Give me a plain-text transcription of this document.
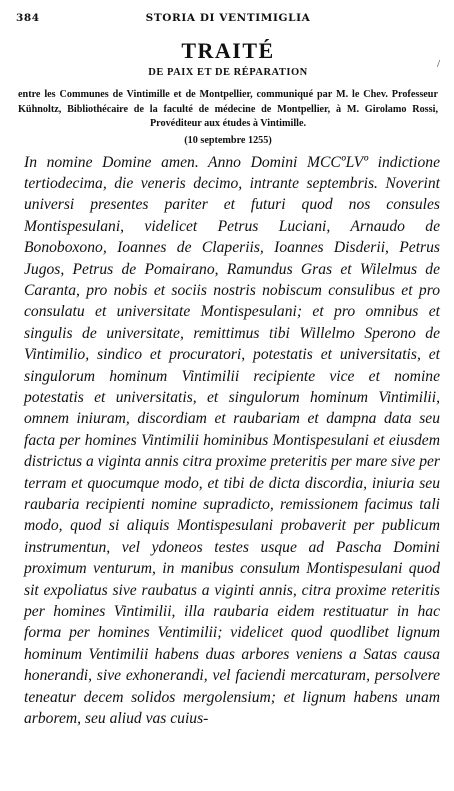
384	STORIA DI VENTIMIGLIA
TRAITÉ
DE PAIX ET DE RÉPARATION

entre les Communes de Vintimille et de Montpellier, communiqué par M. le Chev. Professeur Kühnoltz, Bibliothécaire de la faculté de médecine de Montpellier, à M. Girolamo Rossi, Provéditeur aux études à Vintimille.

(10 septembre 1255)

In nomine Domine amen. Anno Domini MCCºLVº indictione tertiodecima, die veneris decimo, intrante septembris. Noverint universi presentes pariter et futuri quod nos consules Montispesulani, videlicet Petrus Luciani, Arnaudo de Bonoboxono, Ioannes de Claperiis, Ioannes Disderii, Petrus Jugos, Petrus de Pomairano, Ramundus Gras et Wilelmus de Caranta, pro nobis et sociis nostris nobiscum consulibus et pro consulatu et universitate Montispesulani; et pro omnibus et singulis de universitate, remittimus tibi Willelmo Sperono de Vintimilio, sindico et procuratori, potestatis et universitatis, et singulorum hominum Vintimilii recipiente vice et nomine potestatis et universitatis, et singulorum hominum Vintimilii, omnem iniuram, discordiam et raubariam et dampna data seu facta per homines Vintimilii hominibus Montispesulani et eiusdem districtus a viginta annis citra proxime preteritis per mare sive per terram et quocumque modo, et tibi de dicta discordia, iniuria seu raubaria recipienti nomine supradicto, remissionem facimus tali modo, quod si aliquis Montispesulani probaverit per publicum instrumentun, vel ydoneos testes usque ad Pascha Domini proximum venturum, in manibus consulum Montispesulani quod sit expoliatus sive raubatus a viginti annis, citra proxime reteritis per homines Vintimilii, illa raubaria eidem restituatur in hac forma per homines Ventimilii; videlicet quod quodlibet lignum hominum Ventimilii habens duas arbores veniens a Satas causa honerandi, sive exhonerandi, vel faciendi mercaturam, persolvere teneatur decem solidos mergolensium; et lignum habens unam arborem, seu aliud vas cuius-

/
